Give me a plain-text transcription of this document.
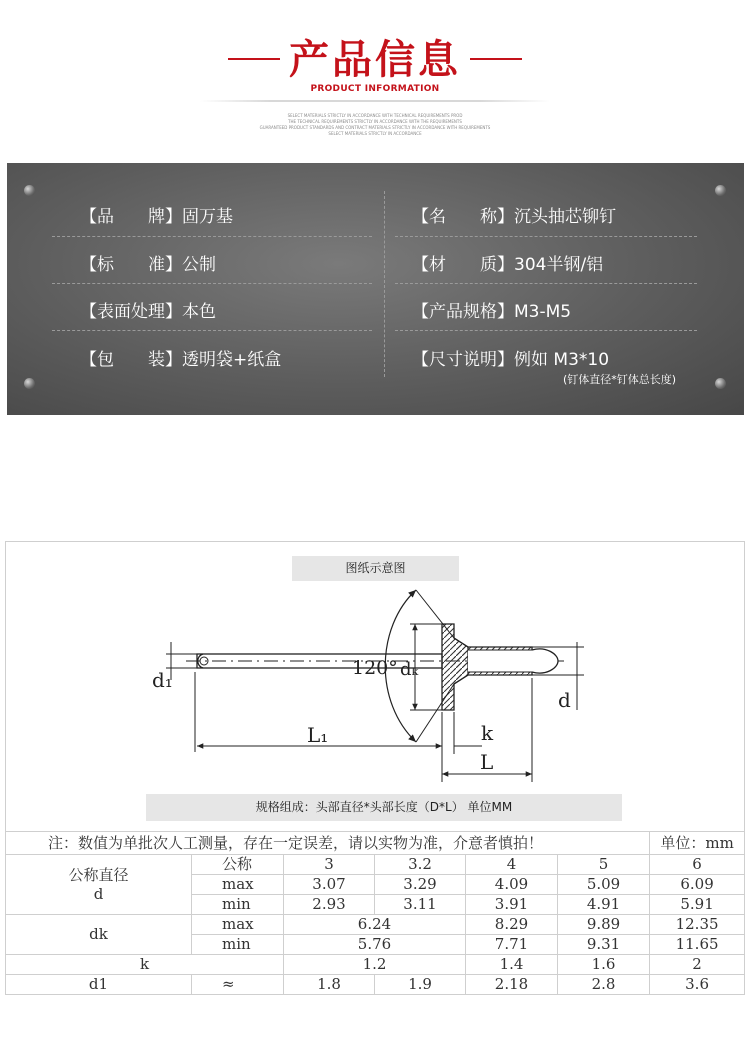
产品信息
PRODUCT INFORMATION
SELECT MATERIALS STRICTLY IN ACCORDANCE WITH TECHNICAL REQUIREMENTS PROD
THE TECHNICAL REQUIREMENTS STRICTLY IN ACCORDANCE WITH THE REQUIREMENTS
GUARANTEED PRODUCT STANDARDS AND CONTRACT MATERIALS STRICTLY IN ACCORDANCE WITH REQUIREMENTS
SELECT MATERIALS STRICTLY IN ACCORDANCE
【品　　牌】固万基
【标　　准】公制
【表面处理】本色
【包　　装】透明袋+纸盒
【名　　称】沉头抽芯铆钉
【材　　质】304半钢/铝
【产品规格】M3-M5
【尺寸说明】例如 M3*10
(钉体直径*钉体总长度)
图纸示意图
d₁	120° dₖ
L₁	k
L
d
规格组成：头部直径*头部长度（D*L） 单位MM
注：数值为单批次人工测量，存在一定误差，请以实物为准，介意者慎拍！						单位：mm

公称直径
d	公称	3	3.2	4	5	6
	max	3.07	3.29	4.09	5.09	6.09
	min	2.93	3.11	3.91	4.91	5.91
dk	max	6.24		8.29	9.89	12.35
	min	5.76		7.71	9.31	11.65
k		1.2		1.4	1.6	2
d1	≈	1.8	1.9	2.18	2.8	3.6
